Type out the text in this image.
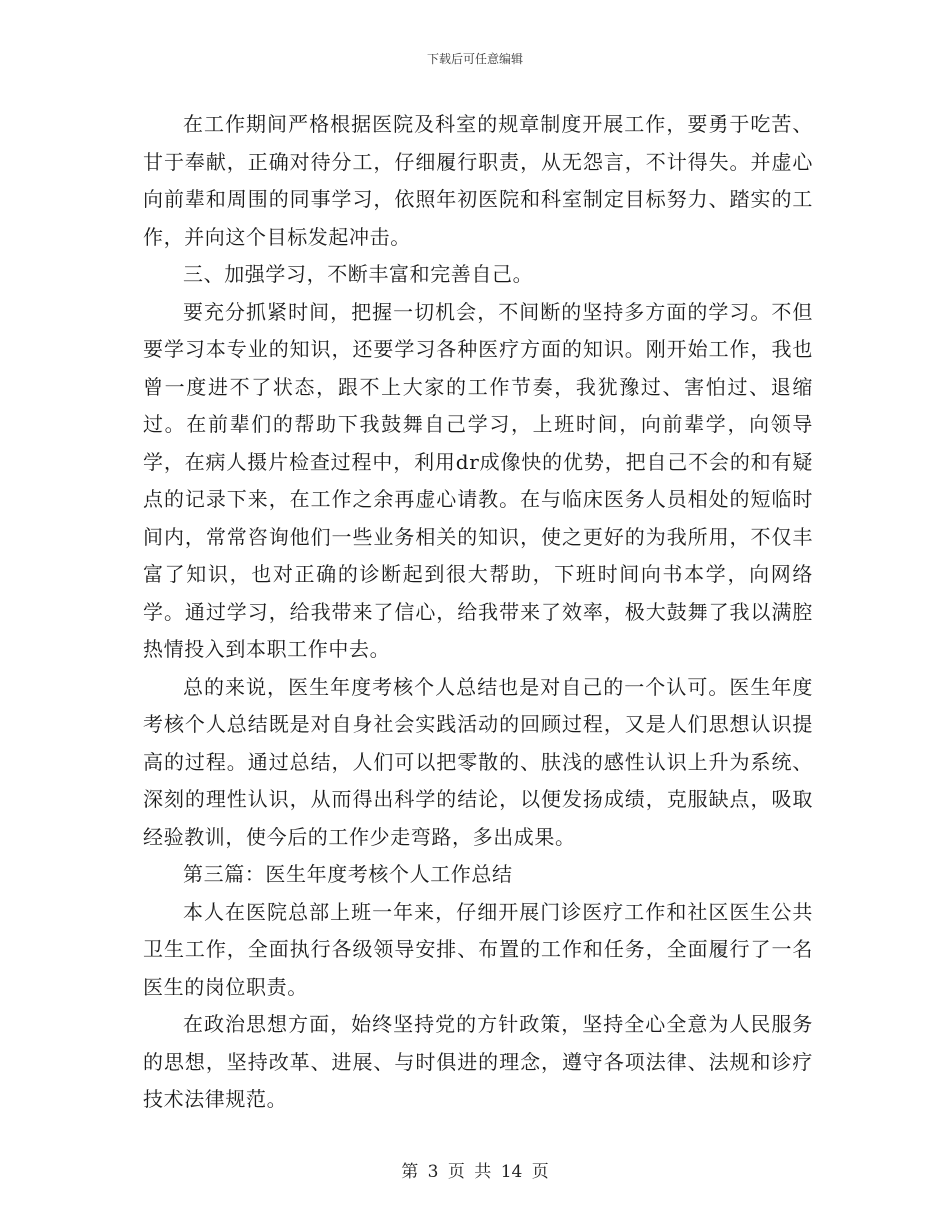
下载后可任意编辑

在工作期间严格根据医院及科室的规章制度开展工作，要勇于吃苦、甘于奉献，正确对待分工，仔细履行职责，从无怨言，不计得失。并虚心向前辈和周围的同事学习，依照年初医院和科室制定目标努力、踏实的工作，并向这个目标发起冲击。

三、加强学习，不断丰富和完善自己。

要充分抓紧时间，把握一切机会，不间断的坚持多方面的学习。不但要学习本专业的知识，还要学习各种医疗方面的知识。刚开始工作，我也曾一度进不了状态，跟不上大家的工作节奏，我犹豫过、害怕过、退缩过。在前辈们的帮助下我鼓舞自己学习，上班时间，向前辈学，向领导学，在病人摄片检查过程中，利用dr成像快的优势，把自己不会的和有疑点的记录下来，在工作之余再虚心请教。在与临床医务人员相处的短临时间内，常常咨询他们一些业务相关的知识，使之更好的为我所用，不仅丰富了知识，也对正确的诊断起到很大帮助，下班时间向书本学，向网络学。通过学习，给我带来了信心，给我带来了效率，极大鼓舞了我以满腔热情投入到本职工作中去。

总的来说，医生年度考核个人总结也是对自己的一个认可。医生年度考核个人总结既是对自身社会实践活动的回顾过程，又是人们思想认识提高的过程。通过总结，人们可以把零散的、肤浅的感性认识上升为系统、深刻的理性认识，从而得出科学的结论，以便发扬成绩，克服缺点，吸取经验教训，使今后的工作少走弯路，多出成果。

第三篇：医生年度考核个人工作总结

本人在医院总部上班一年来，仔细开展门诊医疗工作和社区医生公共卫生工作，全面执行各级领导安排、布置的工作和任务，全面履行了一名医生的岗位职责。

在政治思想方面，始终坚持党的方针政策，坚持全心全意为人民服务的思想，坚持改革、进展、与时俱进的理念，遵守各项法律、法规和诊疗技术法律规范。

第 3 页 共 14 页
